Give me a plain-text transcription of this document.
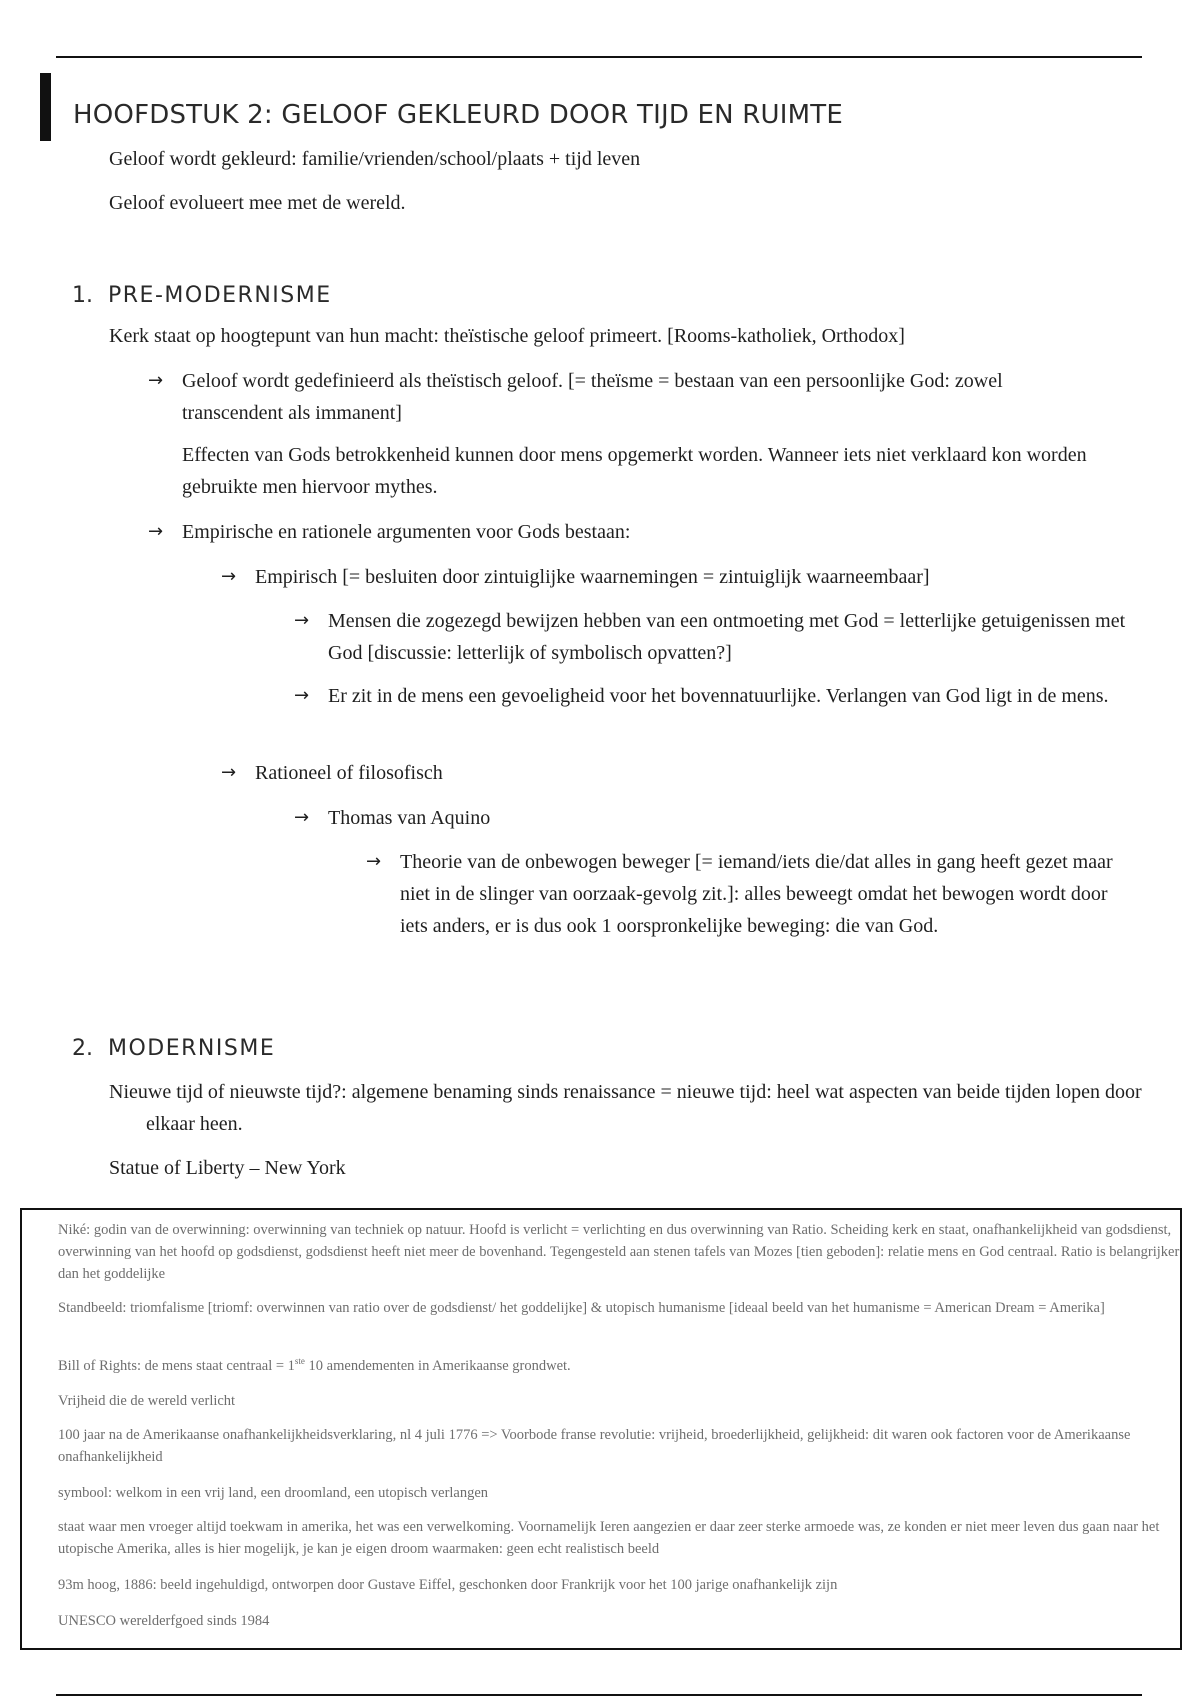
HOOFDSTUK 2: GELOOF GEKLEURD DOOR TIJD EN RUIMTE

Geloof wordt gekleurd: familie/vrienden/school/plaats + tijd leven

Geloof evolueert mee met de wereld.

1. PRE-MODERNISME

Kerk staat op hoogtepunt van hun macht: theïstische geloof primeert. [Rooms-katholiek, Orthodox]

→ Geloof wordt gedefinieerd als theïstisch geloof. [= theïsme = bestaan van een persoonlijke God: zowel transcendent als immanent]
Effecten van Gods betrokkenheid kunnen door mens opgemerkt worden. Wanneer iets niet verklaard kon worden gebruikte men hiervoor mythes.
→ Empirische en rationele argumenten voor Gods bestaan:
→ Empirisch [= besluiten door zintuiglijke waarnemingen = zintuiglijk waarneembaar]
→ Mensen die zogezegd bewijzen hebben van een ontmoeting met God = letterlijke getuigenissen met God [discussie: letterlijk of symbolisch opvatten?]
→ Er zit in de mens een gevoeligheid voor het bovennatuurlijke. Verlangen van God ligt in de mens.
→ Rationeel of filosofisch
→ Thomas van Aquino
→ Theorie van de onbewogen beweger [= iemand/iets die/dat alles in gang heeft gezet maar niet in de slinger van oorzaak-gevolg zit.]: alles beweegt omdat het bewogen wordt door iets anders, er is dus ook 1 oorspronkelijke beweging: die van God.
2. MODERNISME

Nieuwe tijd of nieuwste tijd?: algemene benaming sinds renaissance = nieuwe tijd: heel wat aspecten van beide tijden lopen door elkaar heen.

Statue of Liberty – New York

Niké: godin van de overwinning: overwinning van techniek op natuur. Hoofd is verlicht = verlichting en dus overwinning van Ratio. Scheiding kerk en staat, onafhankelijkheid van godsdienst, overwinning van het hoofd op godsdienst, godsdienst heeft niet meer de bovenhand. Tegengesteld aan stenen tafels van Mozes [tien geboden]: relatie mens en God centraal. Ratio is belangrijker dan het goddelijke

Standbeeld: triomfalisme [triomf: overwinnen van ratio over de godsdienst/ het goddelijke] & utopisch humanisme [ideaal beeld van het humanisme = American Dream = Amerika]

Bill of Rights: de mens staat centraal = 1ste 10 amendementen in Amerikaanse grondwet.

Vrijheid die de wereld verlicht

100 jaar na de Amerikaanse onafhankelijkheidsverklaring, nl 4 juli 1776 => Voorbode franse revolutie: vrijheid, broederlijkheid, gelijkheid: dit waren ook factoren voor de Amerikaanse onafhankelijkheid

symbool: welkom in een vrij land, een droomland, een utopisch verlangen

staat waar men vroeger altijd toekwam in amerika, het was een verwelkoming. Voornamelijk Ieren aangezien er daar zeer sterke armoede was, ze konden er niet meer leven dus gaan naar het utopische Amerika, alles is hier mogelijk, je kan je eigen droom waarmaken: geen echt realistisch beeld

93m hoog, 1886: beeld ingehuldigd, ontworpen door Gustave Eiffel, geschonken door Frankrijk voor het 100 jarige onafhankelijk zijn

UNESCO werelderfgoed sinds 1984
